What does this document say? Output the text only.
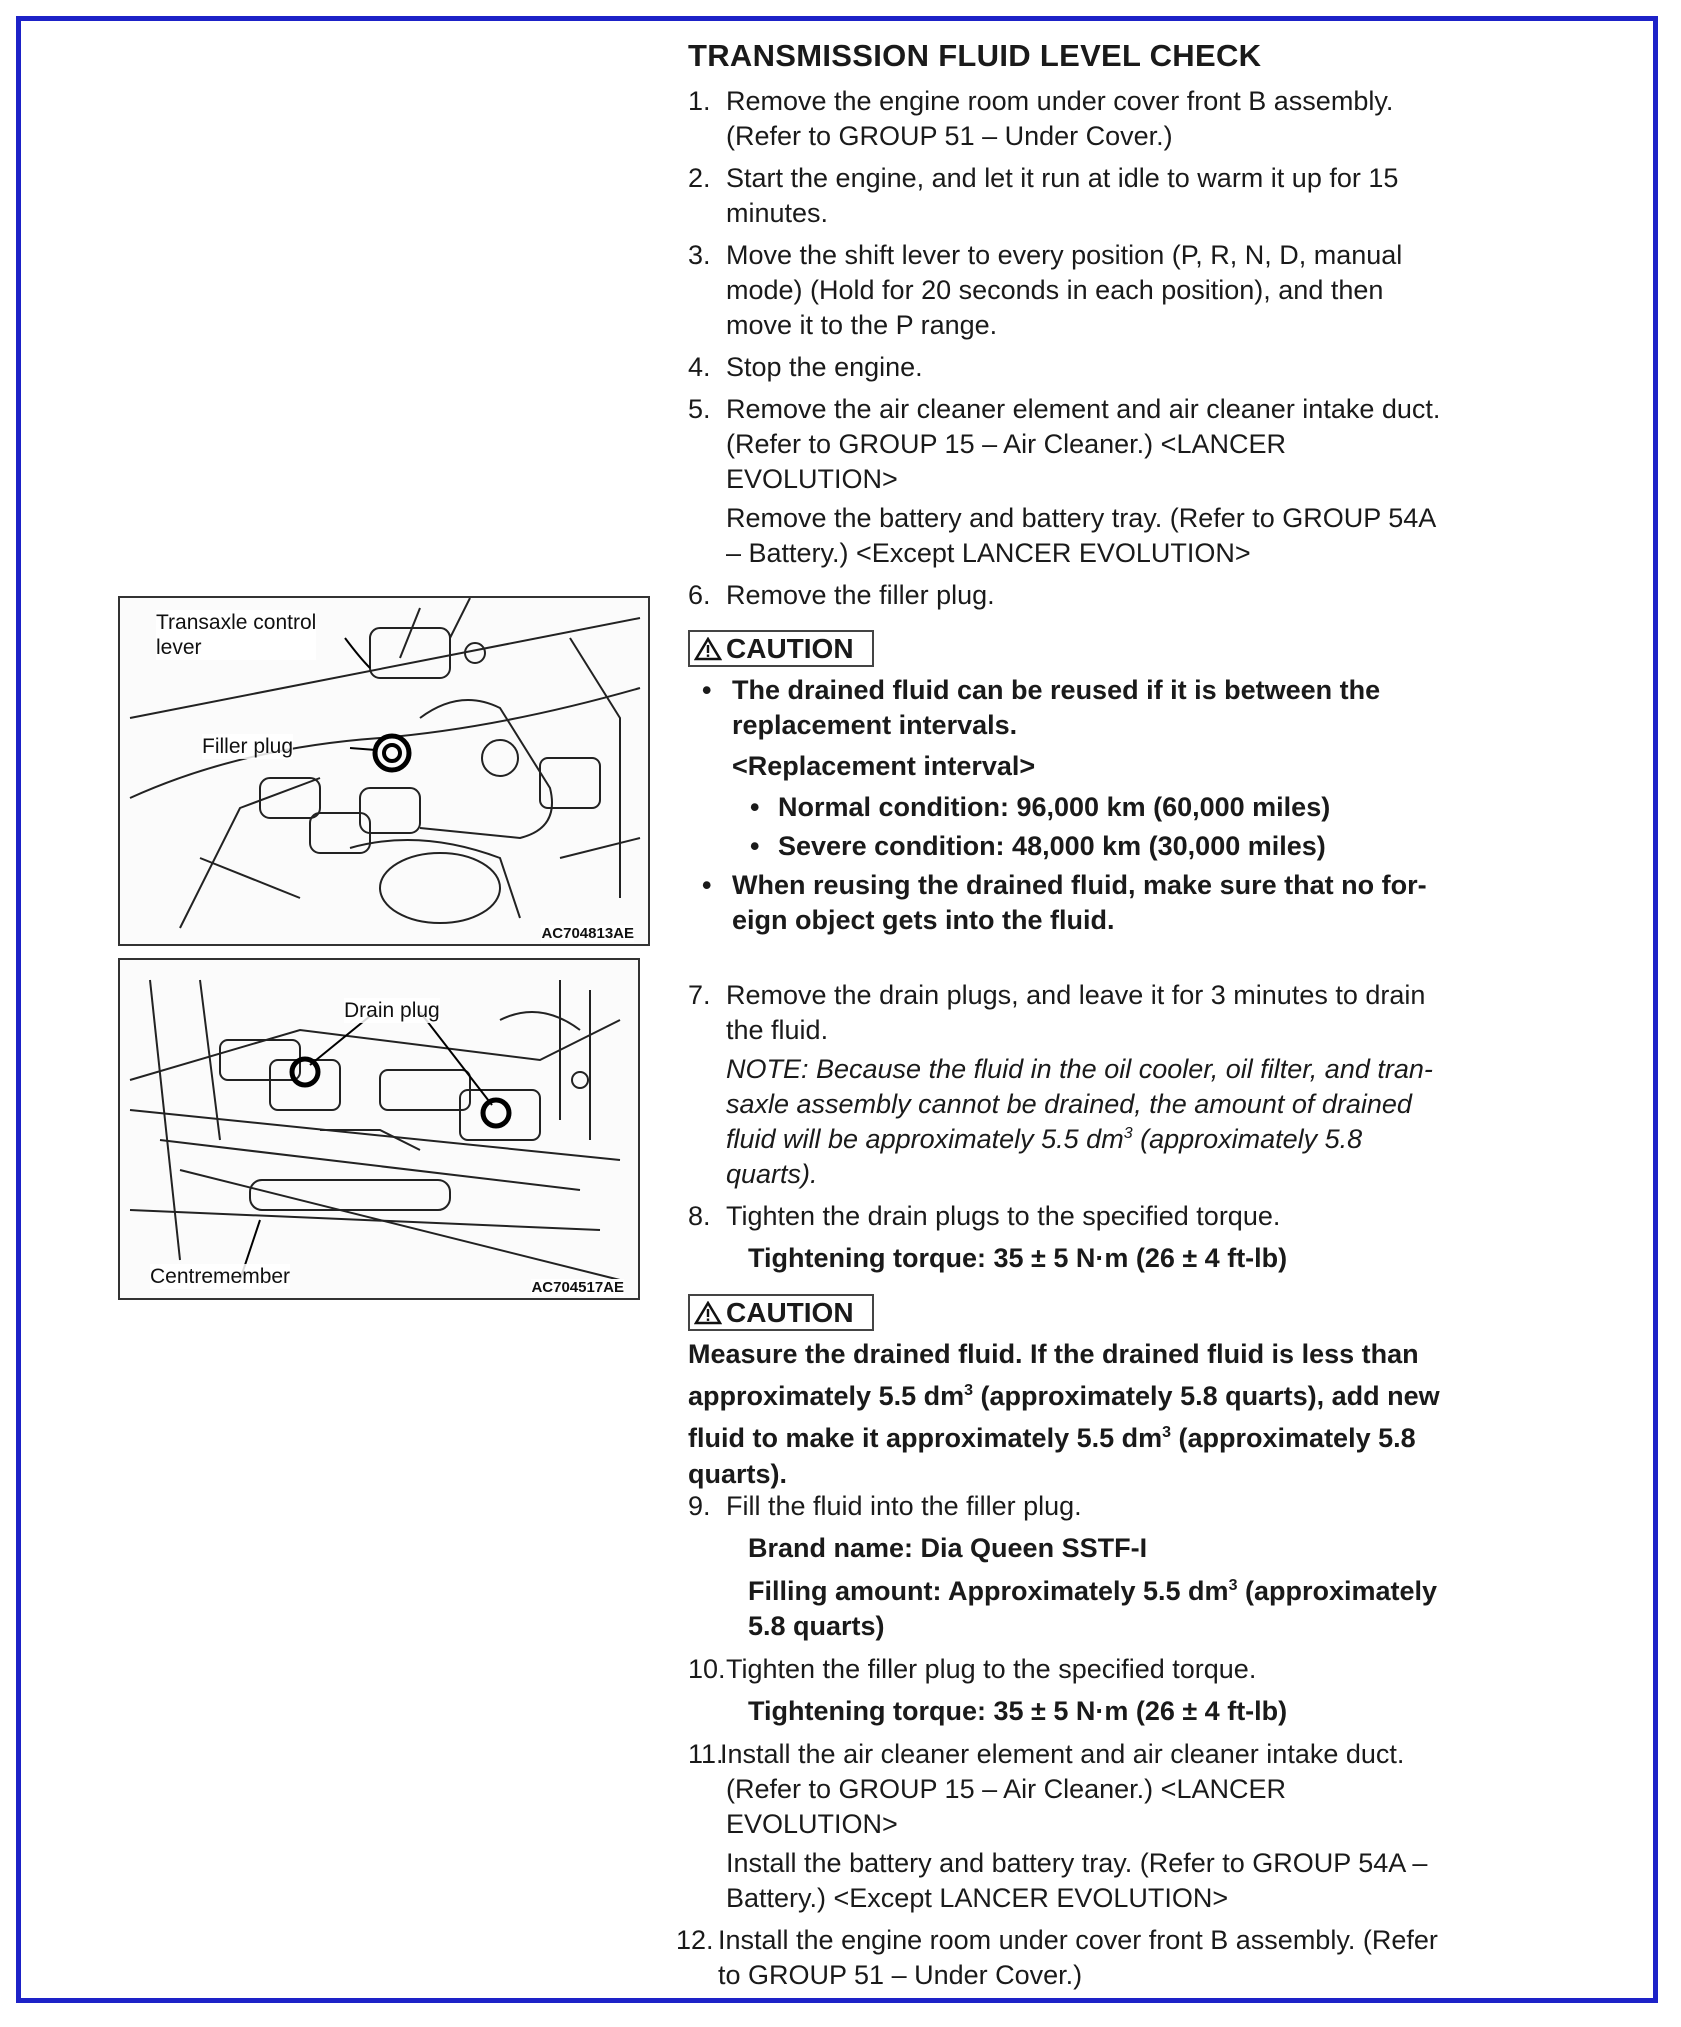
Transaxle control
lever
Filler plug
AC704813AE
Drain plug
Centremember	AC704517AE
TRANSMISSION FLUID LEVEL CHECK
1. Remove the engine room under cover front B assembly.
(Refer to GROUP 51 – Under Cover.)
2. Start the engine, and let it run at idle to warm it up for 15
minutes.
3. Move the shift lever to every position (P, R, N, D, manual
mode) (Hold for 20 seconds in each position), and then
move it to the P range.
4. Stop the engine.
5. Remove the air cleaner element and air cleaner intake duct.
(Refer to GROUP 15 – Air Cleaner.) <LANCER
EVOLUTION>
Remove the battery and battery tray. (Refer to GROUP 54A
– Battery.) <Except LANCER EVOLUTION>
6. Remove the filler plug.
CAUTION
• The drained fluid can be reused if it is between the
replacement intervals.
<Replacement interval>
• Normal condition: 96,000 km (60,000 miles)
• Severe condition: 48,000 km (30,000 miles)
• When reusing the drained fluid, make sure that no for-
eign object gets into the fluid.
7. Remove the drain plugs, and leave it for 3 minutes to drain
the fluid.
NOTE: Because the fluid in the oil cooler, oil filter, and tran-
saxle assembly cannot be drained, the amount of drained
fluid will be approximately 5.5 $dm^3$ (approximately 5.8
quarts).
8. Tighten the drain plugs to the specified torque.
Tightening torque: 35 ± 5 N·m (26 ± 4 ft-lb)
CAUTION
Measure the drained fluid. If the drained fluid is less than
approximately 5.5 $dm^3$ (approximately 5.8 quarts), add new
fluid to make it approximately 5.5 $dm^3$ (approximately 5.8
quarts).
9. Fill the fluid into the filler plug.
Brand name: Dia Queen SSTF-I
Filling amount: Approximately 5.5 $dm^3$ (approximately
5.8 quarts)
10. Tighten the filler plug to the specified torque.
Tightening torque: 35 ± 5 N·m (26 ± 4 ft-lb)
11.
Install the air cleaner element and air cleaner intake duct.
(Refer to GROUP 15 – Air Cleaner.) <LANCER
EVOLUTION>
Install the battery and battery tray. (Refer to GROUP 54A –
Battery.) <Except LANCER EVOLUTION>
12. Install the engine room under cover front B assembly. (Refer
to GROUP 51 – Under Cover.)
